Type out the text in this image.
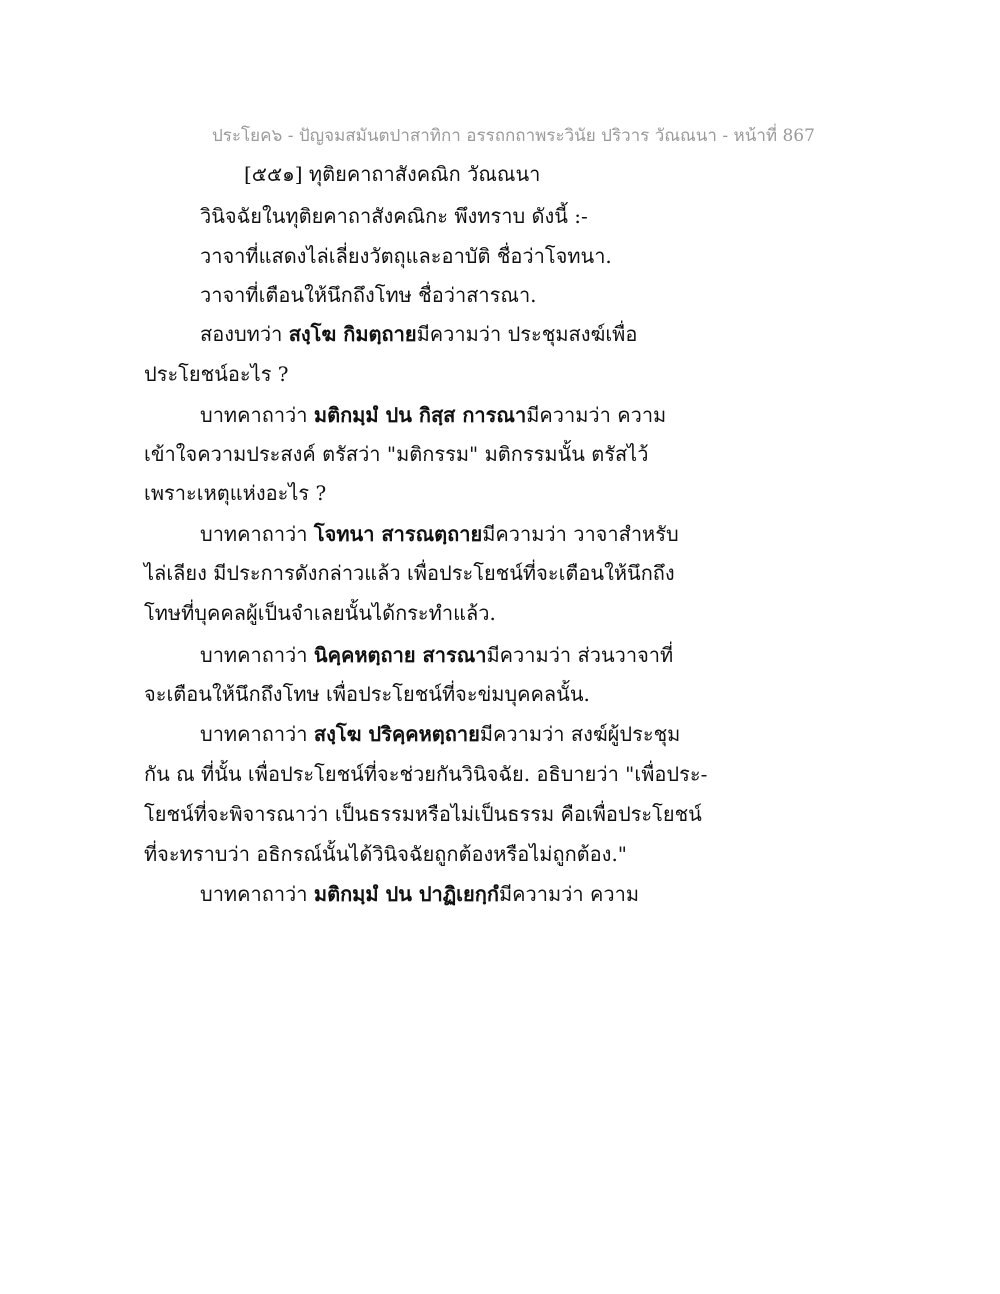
ประโยค๖ - ปัญจมสมันตปาสาทิกา อรรถกถาพระวินัย ปริวาร วัณณนา - หน้าที่ 867
[๕๕๑] ทุติยคาถาสังคณิก วัณณนา
วินิจฉัยในทุติยคาถาสังคณิกะ พึงทราบ ดังนี้ :-
วาจาที่แสดงไล่เลี่ยงวัตถุและอาบัติ ชื่อว่าโจทนา.
วาจาที่เตือนให้นึกถึงโทษ ชื่อว่าสารณา.
สองบทว่า สงฺโฆ กิมตฺถายมีความว่า ประชุมสงฆ์เพื่อ
ประโยชน์อะไร ?
บาทคาถาว่า มติกมฺมํ ปน กิสฺส การณามีความว่า ความ
เข้าใจความประสงค์ ตรัสว่า "มติกรรม" มติกรรมนั้น ตรัสไว้
เพราะเหตุแห่งอะไร ?
บาทคาถาว่า โจทนา สารณตฺถายมีความว่า วาจาสำหรับ
ไล่เลียง มีประการดังกล่าวแล้ว เพื่อประโยชน์ที่จะเตือนให้นึกถึง
โทษที่บุคคลผู้เป็นจำเลยนั้นได้กระทำแล้ว.
บาทคาถาว่า นิคฺคหตฺถาย สารณามีความว่า ส่วนวาจาที่
จะเตือนให้นึกถึงโทษ เพื่อประโยชน์ที่จะข่มบุคคลนั้น.
บาทคาถาว่า สงฺโฆ ปริคฺคหตฺถายมีความว่า สงฆ์ผู้ประชุม
กัน ณ ที่นั้น เพื่อประโยชน์ที่จะช่วยกันวินิจฉัย. อธิบายว่า "เพื่อประ-
โยชน์ที่จะพิจารณาว่า เป็นธรรมหรือไม่เป็นธรรม คือเพื่อประโยชน์
ที่จะทราบว่า อธิกรณ์นั้นได้วินิจฉัยถูกต้องหรือไม่ถูกต้อง."
บาทคาถาว่า มติกมฺมํ ปน ปาฏิเยกฺกํมีความว่า ความ
